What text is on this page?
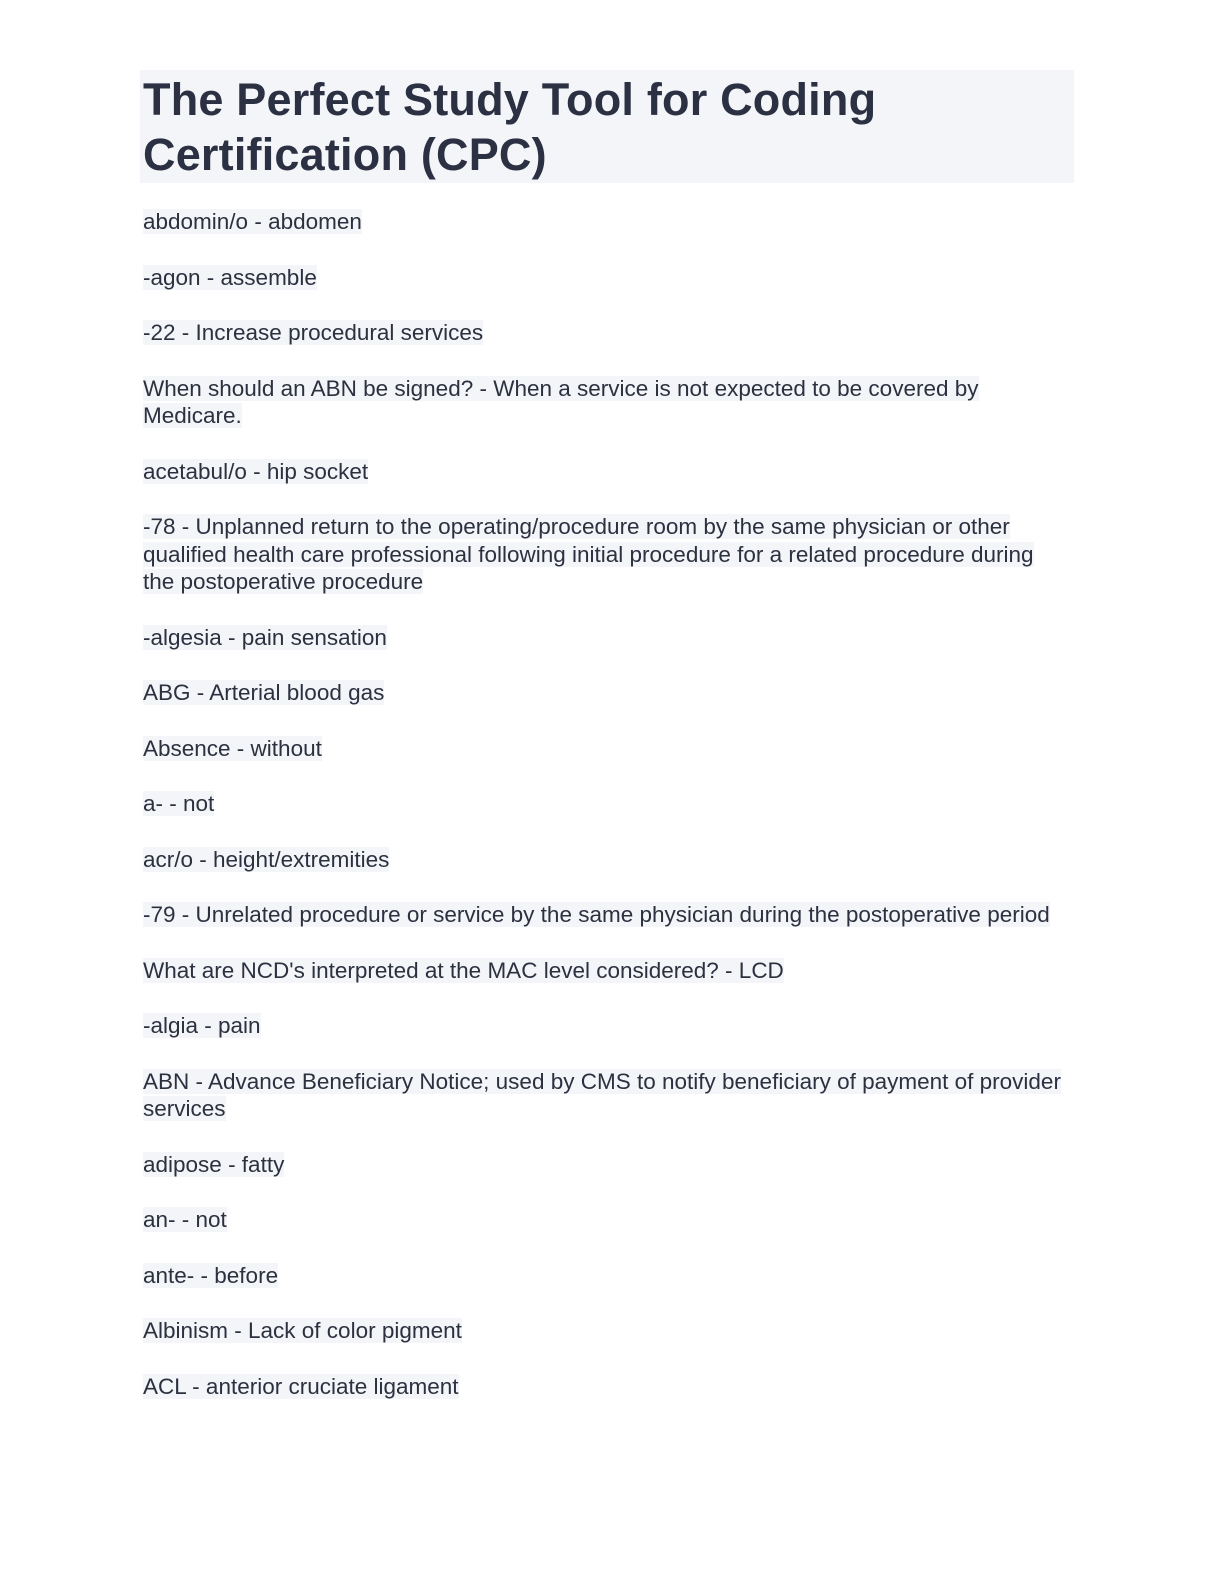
The Perfect Study Tool for Coding Certification (CPC)

abdomin/o - abdomen

-agon - assemble

-22 - Increase procedural services

When should an ABN be signed? - When a service is not expected to be covered by Medicare.

acetabul/o - hip socket

-78 - Unplanned return to the operating/procedure room by the same physician or other qualified health care professional following initial procedure for a related procedure during the postoperative procedure

-algesia - pain sensation

ABG - Arterial blood gas

Absence - without

a- - not

acr/o - height/extremities

-79 - Unrelated procedure or service by the same physician during the postoperative period

What are NCD's interpreted at the MAC level considered? - LCD

-algia - pain

ABN - Advance Beneficiary Notice; used by CMS to notify beneficiary of payment of provider services

adipose - fatty

an- - not

ante- - before

Albinism - Lack of color pigment

ACL - anterior cruciate ligament
